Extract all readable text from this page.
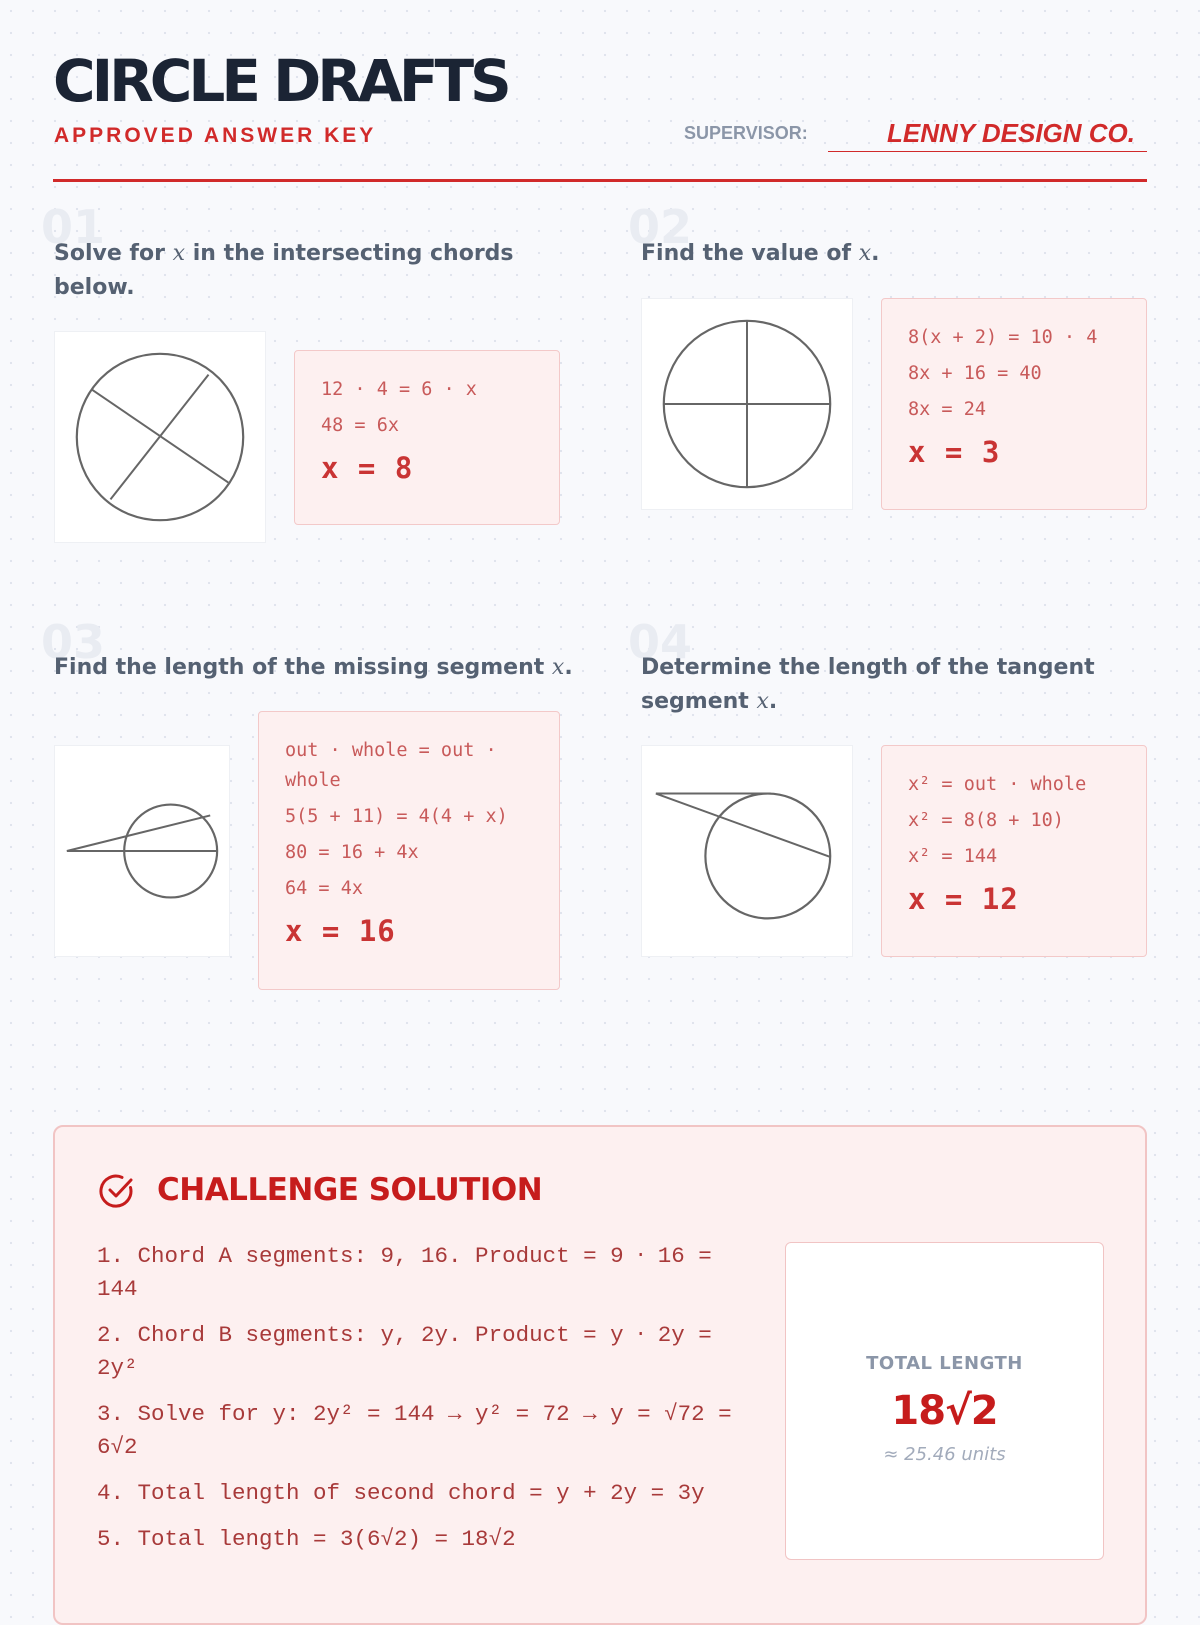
CIRCLE DRAFTS
APPROVED ANSWER KEY	SUPERVISOR:	LENNY DESIGN CO.
01
Solve for x in the intersecting chords below.
12 ⋅ 4 = 6 ⋅ x
48 = 6x
x = 8
02
Find the value of x.
8(x + 2) = 10 ⋅ 4
8x + 16 = 40
8x = 24
x = 3
03
Find the length of the missing segment x.
out ⋅ whole = out ⋅ whole
5(5 + 11) = 4(4 + x)
80 = 16 + 4x
64 = 4x
x = 16
04
Determine the length of the tangent segment x.
x² = out ⋅ whole
x² = 8(8 + 10)
x² = 144
x = 12
CHALLENGE SOLUTION
1. Chord A segments: 9, 16. Product = 9 ⋅ 16 = 144
2. Chord B segments: y, 2y. Product = y ⋅ 2y = 2y²
3. Solve for y: 2y² = 144 → y² = 72 → y = √72 = 6√2
4. Total length of second chord = y + 2y = 3y
5. Total length = 3(6√2) = 18√2
TOTAL LENGTH
18√2
≈ 25.46 units
